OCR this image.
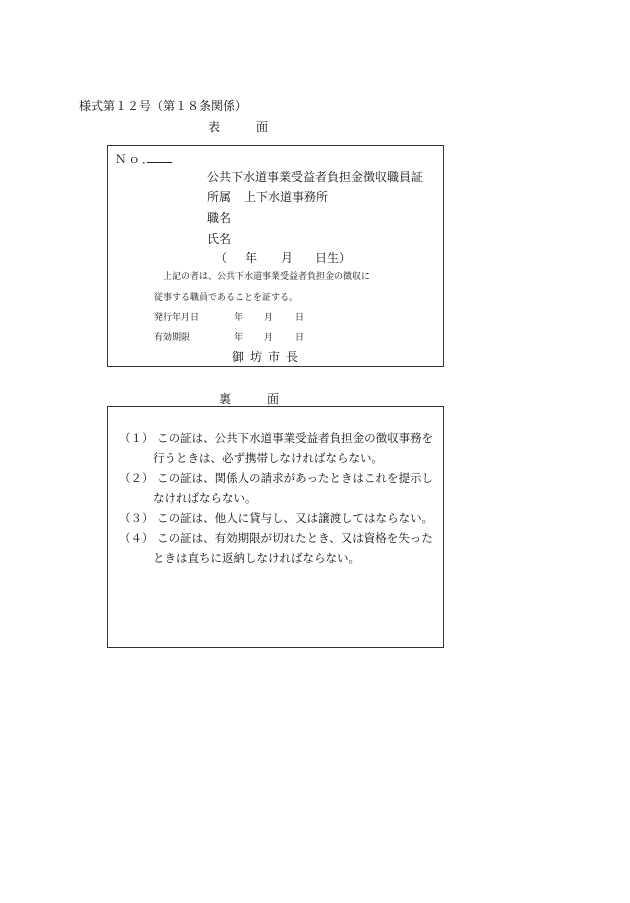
様式第１２号（第１８条関係）
表　面
Ｎｏ．
公共下水道事業受益者負担金徴収職員証
所属 上下水道事務所
職名
氏名
（ 年 月 日生）
上記の者は、公共下水道事業受益者負担金の徴収に
従事する職員であることを証する。
発行年月日	年 月 日
有効期限	年 月 日
御坊市長
裏　面
（１） この証は、公共下水道事業受益者負担金の徴収事務を
行うときは、必ず携帯しなければならない。
（２） この証は、関係人の請求があったときはこれを提示し
なければならない。
（３） この証は、他人に貸与し、又は譲渡してはならない。
（４） この証は、有効期限が切れたとき、又は資格を失った
ときは直ちに返納しなければならない。
